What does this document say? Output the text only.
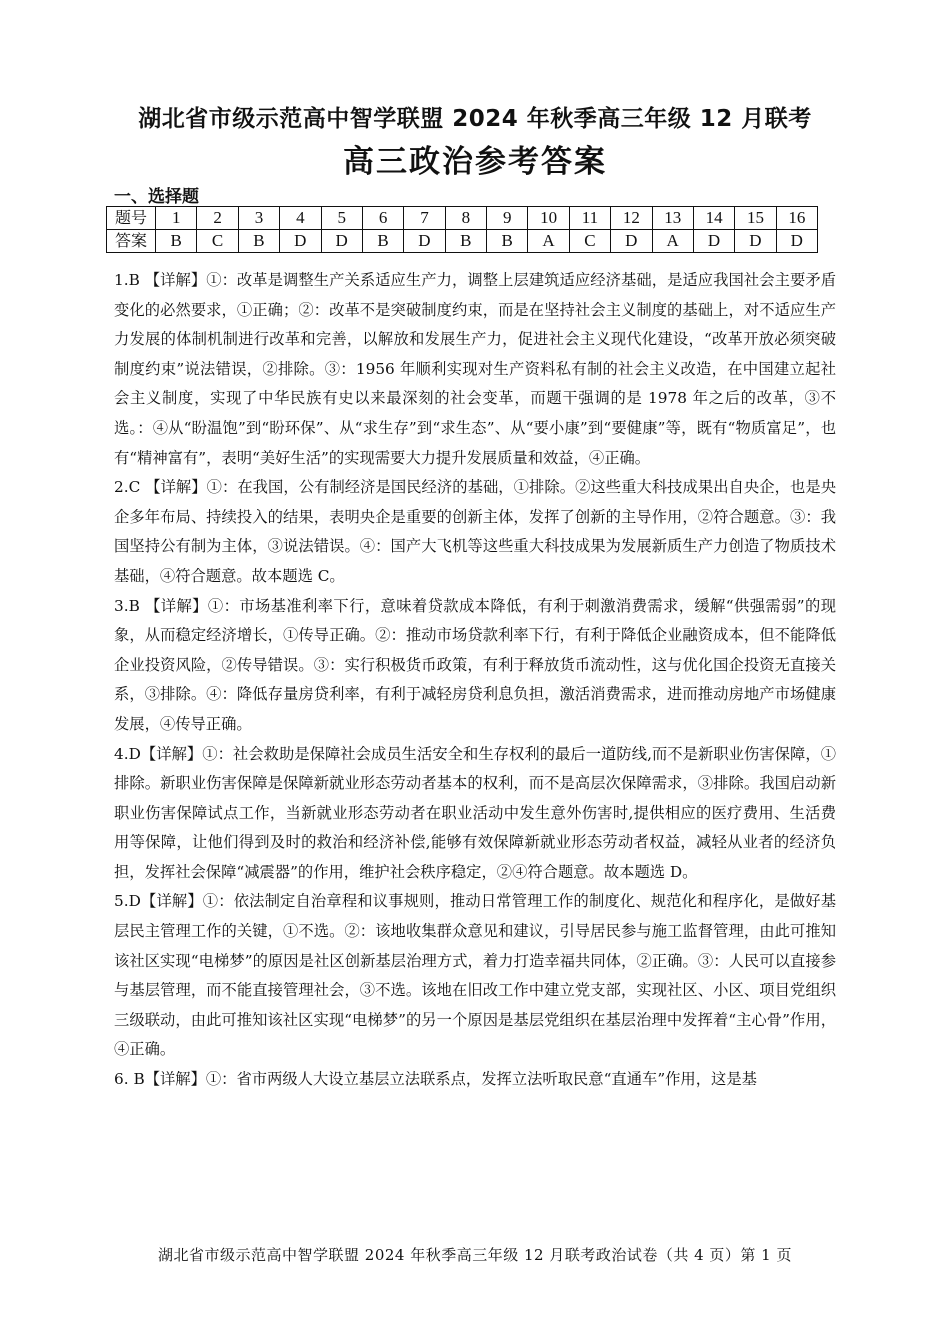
湖北省市级示范高中智学联盟 2024 年秋季高三年级 12 月联考
高三政治参考答案
一、选择题
题号	1	2	3	4	5	6	7	8	9	10	11	12	13	14	15	16
答案	B	C	B	D	D	B	D	B	B	A	C	D	A	D	D	D

1.B 【详解】①：改革是调整生产关系适应生产力，调整上层建筑适应经济基础，是适应我国社会主要矛盾变化的必然要求，①正确；②：改革不是突破制度约束，而是在坚持社会主义制度的基础上，对不适应生产力发展的体制机制进行改革和完善，以解放和发展生产力，促进社会主义现代化建设，“改革开放必须突破制度约束”说法错误，②排除。③：1956 年顺利实现对生产资料私有制的社会主义改造，在中国建立起社会主义制度，实现了中华民族有史以来最深刻的社会变革，而题干强调的是 1978 年之后的改革，③不选。：④从“盼温饱”到“盼环保”、从“求生存”到“求生态”、从“要小康”到“要健康”等，既有“物质富足”，也有“精神富有”，表明“美好生活”的实现需要大力提升发展质量和效益，④正确。

2.C 【详解】①：在我国，公有制经济是国民经济的基础，①排除。②这些重大科技成果出自央企，也是央企多年布局、持续投入的结果，表明央企是重要的创新主体，发挥了创新的主导作用，②符合题意。③：我国坚持公有制为主体，③说法错误。④：国产大飞机等这些重大科技成果为发展新质生产力创造了物质技术基础，④符合题意。故本题选 C。

3.B 【详解】①：市场基准利率下行，意味着贷款成本降低，有利于刺激消费需求，缓解“供强需弱”的现象，从而稳定经济增长，①传导正确。②：推动市场贷款利率下行，有利于降低企业融资成本，但不能降低企业投资风险，②传导错误。③：实行积极货币政策，有利于释放货币流动性，这与优化国企投资无直接关系，③排除。④：降低存量房贷利率，有利于减轻房贷利息负担，激活消费需求，进而推动房地产市场健康发展，④传导正确。

4.D【详解】①：社会救助是保障社会成员生活安全和生存权利的最后一道防线,而不是新职业伤害保障，①排除。新职业伤害保障是保障新就业形态劳动者基本的权利，而不是高层次保障需求，③排除。我国启动新职业伤害保障试点工作，当新就业形态劳动者在职业活动中发生意外伤害时,提供相应的医疗费用、生活费用等保障，让他们得到及时的救治和经济补偿,能够有效保障新就业形态劳动者权益，减轻从业者的经济负担，发挥社会保障“减震器”的作用，维护社会秩序稳定，②④符合题意。故本题选 D。

5.D【详解】①：依法制定自治章程和议事规则，推动日常管理工作的制度化、规范化和程序化，是做好基层民主管理工作的关键，①不选。②：该地收集群众意见和建议，引导居民参与施工监督管理，由此可推知该社区实现“电梯梦”的原因是社区创新基层治理方式，着力打造幸福共同体，②正确。③：人民可以直接参与基层管理，而不能直接管理社会，③不选。该地在旧改工作中建立党支部，实现社区、小区、项目党组织三级联动，由此可推知该社区实现“电梯梦”的另一个原因是基层党组织在基层治理中发挥着“主心骨”作用，④正确。

6. B【详解】①：省市两级人大设立基层立法联系点，发挥立法听取民意“直通车”作用，这是基

湖北省市级示范高中智学联盟 2024 年秋季高三年级 12 月联考政治试卷（共 4 页）第 1 页
